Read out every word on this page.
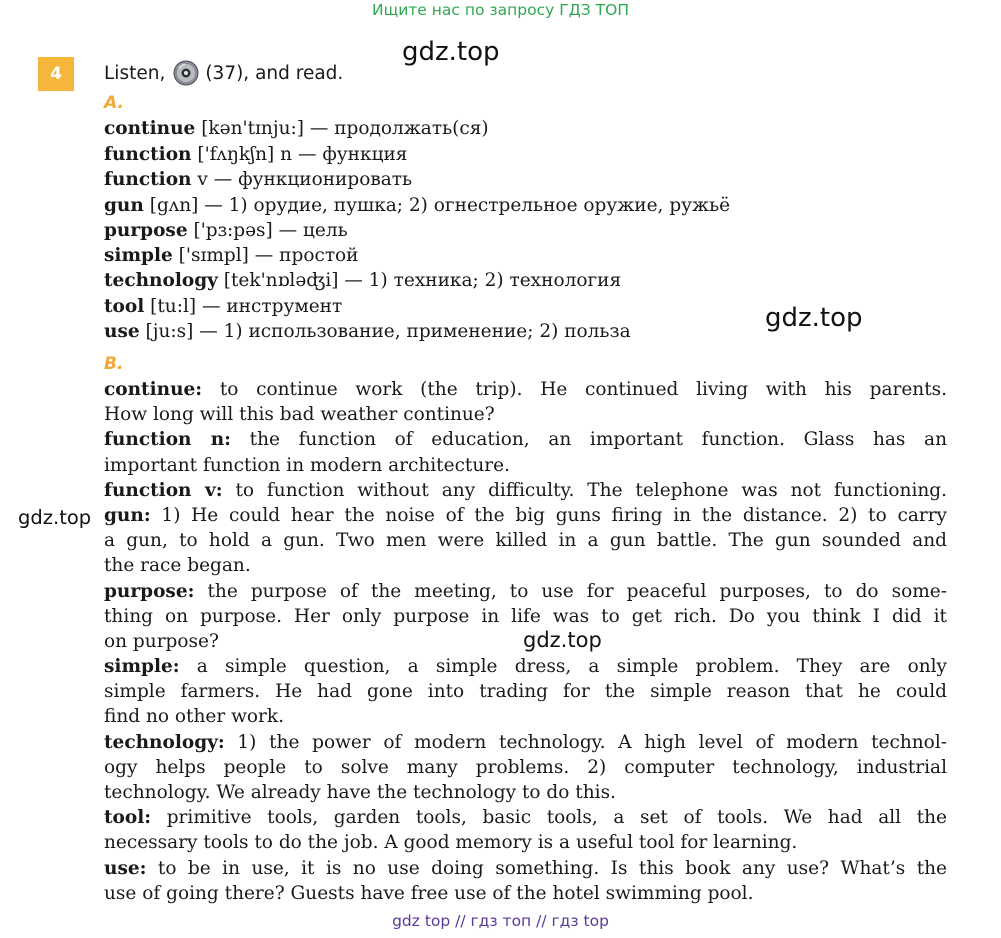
Ищите нас по запросу ГДЗ ТОП
gdz.top
gdz.top
gdz.top
gdz.top
4	Listen, (37), and read.
A.
continue [kən'tɪnju:] — продолжать(ся)
function ['fʌŋkʃn] n — функция
function v — функционировать
gun [gʌn] — 1) орудие, пушка; 2) огнестрельное оружие, ружьё
purpose ['pɜ:pəs] — цель
simple ['sɪmpl] — простой
technology [tek'nɒləʤi] — 1) техника; 2) технология
tool [tu:l] — инструмент
use [ju:s] — 1) использование, применение; 2) польза
B.
continue: to continue work (the trip). He continued living with his parents.
How long will this bad weather continue?
function n: the function of education, an important function. Glass has an
important function in modern architecture.
function v: to function without any difficulty. The telephone was not functioning.
gun: 1) He could hear the noise of the big guns firing in the distance. 2) to carry
a gun, to hold a gun. Two men were killed in a gun battle. The gun sounded and
the race began.
purpose: the purpose of the meeting, to use for peaceful purposes, to do some-
thing on purpose. Her only purpose in life was to get rich. Do you think I did it
on purpose?
simple: a simple question, a simple dress, a simple problem. They are only
simple farmers. He had gone into trading for the simple reason that he could
find no other work.
technology: 1) the power of modern technology. A high level of modern technol-
ogy helps people to solve many problems. 2) computer technology, industrial
technology. We already have the technology to do this.
tool: primitive tools, garden tools, basic tools, a set of tools. We had all the
necessary tools to do the job. A good memory is a useful tool for learning.
use: to be in use, it is no use doing something. Is this book any use? What’s the
use of going there? Guests have free use of the hotel swimming pool.
gdz top // гдз топ // гдз top
